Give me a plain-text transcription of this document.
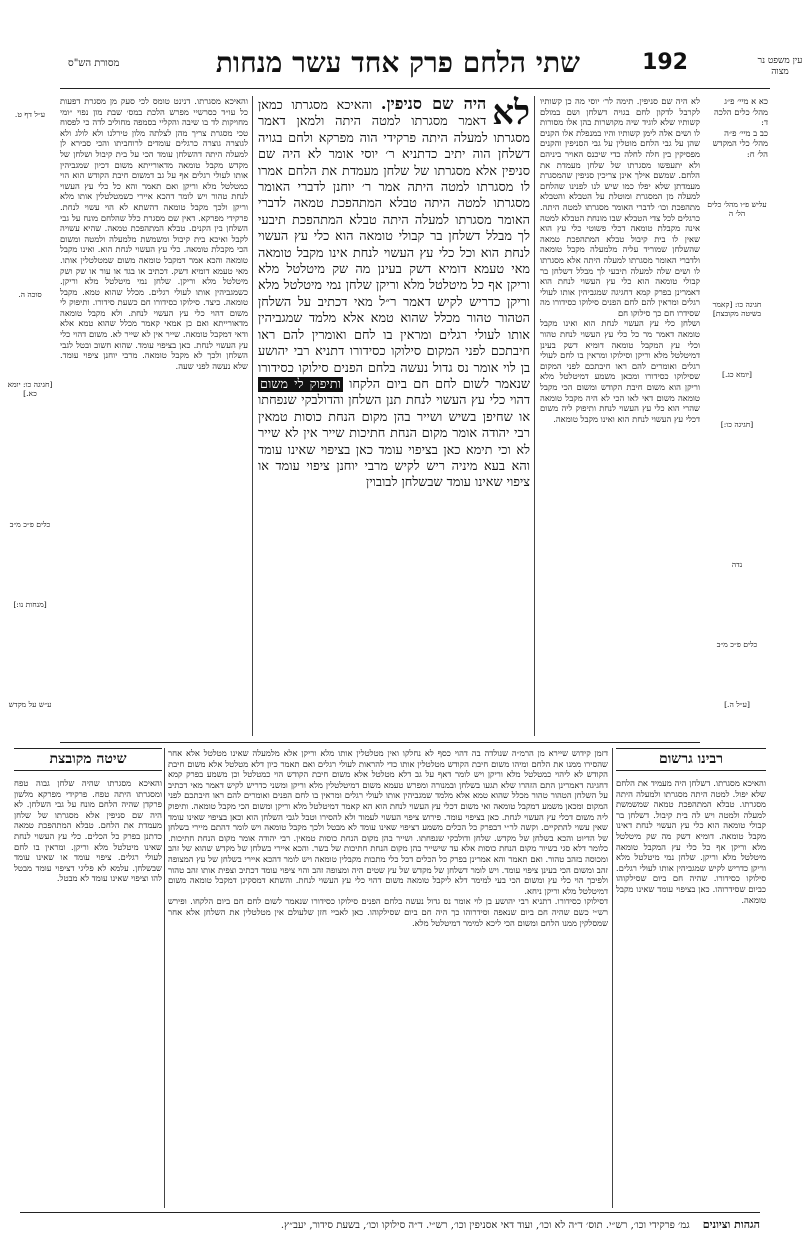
192
שתי הלחם פרק אחד עשר מנחות
מסורת הש"ס	עין משפט נר מצוה

כא א מיי׳ פ״ג מהל׳ כלים הלכה ד:

כב ב מיי׳ פ״ה מהל׳ כלי המקדש הל׳ ח:

עליש פ״ו מהל׳ כלים הל׳ ה
חגיגה כו: [קאמר בשיטה מקובצת]
[יומא כג.]
[חגיגה כו:]
נדה
כלים פ״כ מ״ב
[ע״ל ה.]
ע״ל דף ט.
סוכה ה.
[חגיגה כו: יומא כא.]
כלים פ״כ מ״ב
[מנחות נו:]
ע״ש על מקדש

לא היה שם סניפין. תימה לר׳ יוסי מה כן קשותיו לקרבל לדקון לחם בגויה דשלחן ושם במולם קשותיו שלא לוגיד שיה מקושרות בהן אלו מסורות לו ושים אלה לימן קשותיו והיו במנפלת אלו הקנים שהן על גבי הלחם מוטלין על גבי הסניפין והקנים מפסיקין בין חלה לחלה כדי שיכנס האויר ביניהם ולא יתעפשו מסגרתו של שלחן מעמדת את הלחם. שמשם אילך אינן צריכין סניפין שהמסגרת מעמדתן שלא יפלו כמו שיש לנו לפנינו שהלחם למעלה מן המסגרת ומוטלת על הטבלא והטבלא מתהפכת וכו׳ לדברי האומר מסגרתו למטה היתה. כרגלים לכל צדי הטבלא שבו מונחת הטבלא למטה אינה מקבלת טומאה דכלי פשוטי כלי עץ הוא שאין לו בית קיבול טבלא המתהפכת טמאה שהשלחן שמוריד עליה מלמעלה מקבל טומאה ולדברי האומר מסגרתו למעלה היתה אלא מסגרתו לו ושים שלה למעלה תיבעי לך מבלל דשלחן בר קבולי טומאה הוא כלי עץ העשוי לנחת הוא דאמרינן בפרק קמא דחגיגה שמגביהין אותו לעולי רגלים ומראין להם לחם הפנים סילוקו כסידורו מה שסידרו חם כך סילוקו חם

ושלחן כלי עץ העשוי לנחת הוא ואינו מקבל טומאה דאמר מר כל כלי עץ העשוי לנחת טהור וכלי עץ המקבל טומאה דומיא דשק בעינן דמיטלטל מלא וריקן וסילוקו ומראין בו לחם לעולי רגלים ואומרים להם ראו חיבתכם לפני המקום שסילוקו כסידורו ומכאן משמע דמיטלטל מלא וריקן הוא משום חיבת הקודש ומשום הכי מקבל טומאה משום דאי לאו הכי לא היה מקבל טומאה שהרי הוא כלי עץ העשוי לנחת ותיפוק ליה משום דכלי עץ העשוי לנחת הוא ואינו מקבל טומאה.

לא
היה שם סניפין. והאיכא מסגרתו כמאן דאמר מסגרתו למטה היתה ולמאן דאמר מסגרתו למעלה היתה פרקידי הוה מפרקא ולחם בגויה דשלחן הוה יתיב כדתניא ר׳ יוסי אומר לא היה שם סניפין אלא מסגרתו של שלחן מעמדת את הלחם אמרו לו מסגרתו למטה היתה אמר ר׳ יוחנן לדברי האומר מסגרתו למטה היתה טבלא המתהפכת טמאה לדברי האומר מסגרתו למעלה היתה טבלא המתהפכת תיבעי לך מבלל דשלחן בר קבולי טומאה הוא כלי עץ העשוי לנחת הוא וכל כלי עץ העשוי לנחת אינו מקבל טומאה מאי טעמא דומיא דשק בעינן מה שק מיטלטל מלא וריקן אף כל מיטלטל מלא וריקן שלחן נמי מיטלטל מלא וריקן כדריש לקיש דאמר ר״ל מאי דכתיב על השלחן הטהור טהור מכלל שהוא טמא אלא מלמד שמגביהין אותו לעולי רגלים ומראין בו לחם ואומרין להם ראו חיבתכם לפני המקום סילוקו כסידורו דתניא רבי יהושע בן לוי אומר נס גדול נעשה בלחם הפנים סילוקו כסידורו שנאמר לשום לחם חם ביום הלקחו ותיפוק לי משום דהוי כלי עץ העשוי לנחת תנן השלחן והדולבקי שנפחתו או שחיפן בשיש ושייר בהן מקום הנחת כוסות טמאין רבי יהודה אומר מקום הנחת חתיכות שייר אין לא שייר לא וכי תימא כאן בציפוי עומד כאן בציפוי שאינו עומד והא בעא מיניה ריש לקיש מרבי יוחנן ציפוי עומד או ציפוי שאינו עומד שבשלחן לבובוין

והאיכא מסגרתו. דנינט טומס לכי סעק מן מסגרת דפעות כל עו״ד כסרשיי מפרש הלכת במס׳ שבת מון נפוי ״ומי מחויקות לד בו שיבה והקליי בסמפה מחוליב לדה כי לפסוח טכי מסגרת צריך מהן לצלתה מלון טירלנו ולא לולג ולא לגוצרה גוצרה כרגלים עומדים לרוחביתו והכי סבירא לן למעלה היתה דהשלחן עומד הכי על בית קיבול ושלחן של מקדש מקבל טומאה מדאורייתא משום דכיון שמגביהין אותו לעולי רגלים אף על גב דמשום חיבת הקודש הוא הוי כמטלטל מלא וריקן ואם תאמר והא כל כלי עץ העשוי לנחת טהור ויש לומר דהכא איירי כשמטלטלין אותו מלא וריקן ולכך מקבל טומאה דהשתא לא הוי עשוי לנחת. פרקידי מפרקא. דאין שם מסגרת כלל שהלחם מונח על גבי השלחן בין הקנים. טבלא המתהפכת טמאה. שהיא עשויה לקבל ואיכא בית קיבול ומשמשת מלמעלה ולמטה ומשום הכי מקבלת טומאה. כלי עץ העשוי לנחת הוא. ואינו מקבל טומאה והכא אמר דמקבל טומאה משום שמטלטלין אותו. מאי טעמא דומיא דשק. דכתיב או בגד או עור או שק ושק מיטלטל מלא וריקן. שלחן נמי מיטלטל מלא וריקן. כשמגביהין אותו לעולי רגלים. מכלל שהוא טמא. מקבל טומאה. כיצד. סילוקו כסידורו חם כשעת סידורו. ותיפוק לי משום דהוי כלי עץ העשוי לנחת. ולא מקבל טומאה מדאורייתא ואם כן אמאי קאמר מכלל שהוא טמא אלא ודאי דמקבל טומאה. שייר אין לא שייר לא. משום דהוי כלי עץ העשוי לנחת. כאן בציפוי עומד. שהוא חשוב ובטל לגבי השלחן ולכך לא מקבל טומאה. מרבי יוחנן ציפוי עומד. שלא נעשה לפני שעה.

דזמן קידוש שיירא מן הרמ״ה שנולדה בה דהוי כסף לא נחלקו ואין מטלטלין אותו מלא וריקן אלא מלמעלה שאינו מטלטל אלא אחר שהסירו ממנו את הלחם ומיהו משום חיבת הקודש מטלטלין אותו כדי להראות לעולי רגלים ואם תאמר כיון דלא מטלטל אלא משום חיבת הקודש לא ליהוי כמטלטל מלא וריקן ויש לומר דאף על גב דלא מטלטל אלא משום חיבת הקודש הוי כמטלטל וכן משמע בפרק קמא דחגיגה דאמרינן התם הזהרו שלא תגעו בשלחן ובמנורה ומפרש טעמא משום דמיטלטלין מלא וריקן ומשני כדריש לקיש דאמר מאי דכתיב על השלחן הטהור טהור מכלל שהוא טמא אלא מלמד שמגביהין אותו לעולי רגלים ומראין בו לחם הפנים ואומרים להם ראו חיבתכם לפני המקום ומכאן משמע דמקבל טומאה ואי משום דכלי עץ העשוי לנחת הוא הא קאמר דמיטלטל מלא וריקן ומשום הכי מקבל טומאה. ותיפוק ליה משום דכלי עץ העשוי לנחת. כאן בציפוי עומד. פירוש ציפוי העשוי לעמוד ולא להסירו וטבל לגבי השלחן הוא וכאן בציפוי שאינו עומד שאין עשוי להתקיים. וקשה לר״י דבפרק כל הכלים משמע דציפוי שאינו עומד לא מבטל ולכך מקבל טומאה ויש לומר דהתם מיירי בשלחן של הדיוט והכא בשלחן של מקדש. שלחן ודולבקי שנפחתו. ושייר בהן מקום הנחת כוסות טמאין. רבי יהודה אומר מקום הנחת חתיכות. כלומר דלא סגי בשיור מקום הנחת כוסות אלא עד שישייר בהן מקום הנחת חתיכות של בשר. והכא איירי בשלחן של מקדש שהוא של זהב ומכוסה בזהב טהור. ואם תאמר והא אמרינן בפרק כל הכלים דכל כלי מתכות מקבלין טומאה ויש לומר דהכא איירי בשלחן של עץ המצופה זהב ומשום הכי בעינן ציפוי עומד. ויש לומר דשלחן של מקדש של עץ שטים היה ומצופה זהב והוי ציפוי עומד דכתיב וצפית אותו זהב טהור ולפיכך הוי כלי עץ ומשום הכי בעי למימר דלא ליקבל טומאה משום דהוי כלי עץ העשוי לנחת. והשתא דמסקינן דמקבל טומאה משום דמיטלטל מלא וריקן ניחא.

דסילוקו כסידורו. דתניא רבי יהושע בן לוי אומר נס גדול נעשה בלחם הפנים סילוקו כסידורו שנאמר לשום לחם חם ביום הלקחו. ופירש רש״י כשם שהיה חם ביום שנאפה וסידרוהו כך היה חם ביום שסילקוהו. כאן לאביי חזן שלעולם אין מטלטלין את השלחן אלא אחר שמסלקין ממנו הלחם ומשום הכי ליכא למימר דמיטלטל מלא.

רבינו גרשום

והאיכא מסגרתו. דשלחן היה מעמיד את הלחם שלא יפול. למטה היתה מסגרתו ולמעלה היתה מסגרתו. טבלא המתהפכת טמאה שמשמשת למעלה ולמטה ויש לה בית קיבול. דשלחן בר קבולי טומאה הוא כלי עץ העשוי לנחת דאינו מקבל טומאה. דומיא דשק מה שק מיטלטל מלא וריקן אף כל כלי עץ המקבל טומאה מיטלטל מלא וריקן. שלחן נמי מיטלטל מלא וריקן כדריש לקיש שמגביהין אותו לעולי רגלים. סילוקו כסידורו. שהיה חם ביום שסילקוהו כביום שסידרוהו. כאן בציפוי עומד שאינו מקבל טומאה.

שיטה מקובצת

והאיכא מסגרתו שהיה שלחן גבוה טפח ומסגרתו היתה טפח. פרקידי מפרקא מלשון פרקדן שהיה הלחם מונח על גבי השלחן. לא היה שם סניפין אלא מסגרתו של שלחן מעמדת את הלחם. טבלא המתהפכת טמאה כדתנן בפרק כל הכלים. כלי עץ העשוי לנחת שאינו מיטלטל מלא וריקן. ומראין בו לחם לעולי רגלים. ציפוי עומד או שאינו עומד שבשלחן. עלמא לא פליגי דציפוי עומד מבטל להו וציפוי שאינו עומד לא מבטל.

הגהות וציונים גמ׳ פרקידי וכו׳, רש״י. תוס׳ ד״ה לא וכו׳, ועוד דאי אסניפין וכו׳, רש״י. ד״ה סילוקו וכו׳, בשעת סידור, יעב״ץ.
